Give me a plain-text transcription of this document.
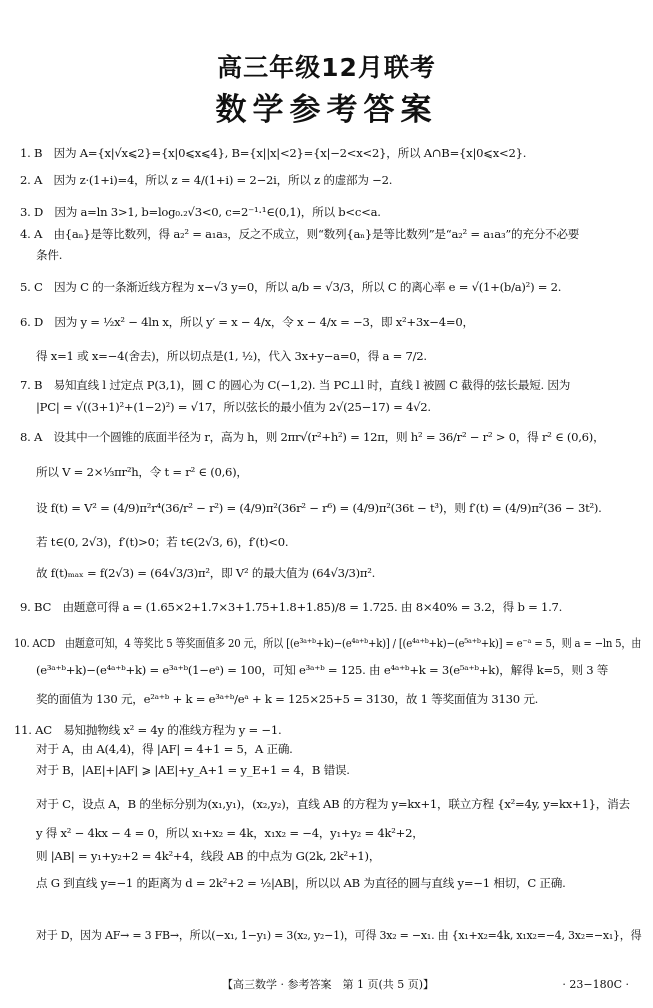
高三年级12月联考
数学参考答案
1. B　因为 A={x|√x⩽2}={x|0⩽x⩽4}, B={x||x|<2}={x|−2<x<2}，所以 A∩B={x|0⩽x<2}.
2. A　因为 z·(1+i)=4，所以 z = 4/(1+i) = 2−2i，所以 z 的虚部为 −2.
3. D　因为 a=ln 3>1, b=log₀.₂√3<0, c=2⁻¹·¹∈(0,1)，所以 b<c<a.
4. A　由{aₙ}是等比数列，得 a₂² = a₁a₃，反之不成立，则“数列{aₙ}是等比数列”是“a₂² = a₁a₃”的充分不必要
条件.
5. C　因为 C 的一条渐近线方程为 x−√3 y=0，所以 a/b = √3/3，所以 C 的离心率 e = √(1+(b/a)²) = 2.
6. D　因为 y = ½x² − 4ln x，所以 y′ = x − 4/x，令 x − 4/x = −3，即 x²+3x−4=0，
得 x=1 或 x=−4(舍去)，所以切点是(1, ½)，代入 3x+y−a=0，得 a = 7/2.
7. B　易知直线 l 过定点 P(3,1)，圆 C 的圆心为 C(−1,2). 当 PC⊥l 时，直线 l 被圆 C 截得的弦长最短. 因为
|PC| = √((3+1)²+(1−2)²) = √17，所以弦长的最小值为 2√(25−17) = 4√2.
8. A　设其中一个圆锥的底面半径为 r，高为 h，则 2πr√(r²+h²) = 12π，则 h² = 36/r² − r² > 0，得 r² ∈ (0,6)，
所以 V = 2×⅓πr²h，令 t = r² ∈ (0,6)，
设 f(t) = V² = (4/9)π²r⁴(36/r² − r²) = (4/9)π²(36r² − r⁶) = (4/9)π²(36t − t³)，则 f′(t) = (4/9)π²(36 − 3t²).
若 t∈(0, 2√3)，f′(t)>0；若 t∈(2√3, 6)，f′(t)<0.
故 f(t)ₘₐₓ = f(2√3) = (64√3/3)π²，即 V² 的最大值为 (64√3/3)π².
9. BC　由题意可得 a = (1.65×2+1.7×3+1.75+1.8+1.85)/8 = 1.725. 由 8×40% = 3.2，得 b = 1.7.
10. ACD　由题意可知，4 等奖比 5 等奖面值多 20 元，所以 [(e³ᵃ⁺ᵇ+k)−(e⁴ᵃ⁺ᵇ+k)] / [(e⁴ᵃ⁺ᵇ+k)−(e⁵ᵃ⁺ᵇ+k)] = e⁻ᵃ = 5，则 a = −ln 5，由
(e³ᵃ⁺ᵇ+k)−(e⁴ᵃ⁺ᵇ+k) = e³ᵃ⁺ᵇ(1−eᵃ) = 100，可知 e³ᵃ⁺ᵇ = 125. 由 e⁴ᵃ⁺ᵇ+k = 3(e⁵ᵃ⁺ᵇ+k)，解得 k=5，则 3 等
奖的面值为 130 元，e²ᵃ⁺ᵇ + k = e³ᵃ⁺ᵇ/eᵃ + k = 125×25+5 = 3130，故 1 等奖面值为 3130 元.
11. AC　易知抛物线 x² = 4y 的准线方程为 y = −1.
对于 A，由 A(4,4)，得 |AF| = 4+1 = 5，A 正确.
对于 B，|AE|+|AF| ⩾ |AE|+y_A+1 = y_E+1 = 4，B 错误.
对于 C，设点 A，B 的坐标分别为(x₁,y₁)，(x₂,y₂)，直线 AB 的方程为 y=kx+1，联立方程 {x²=4y, y=kx+1}，消去
y 得 x² − 4kx − 4 = 0，所以 x₁+x₂ = 4k，x₁x₂ = −4，y₁+y₂ = 4k²+2，
则 |AB| = y₁+y₂+2 = 4k²+4，线段 AB 的中点为 G(2k, 2k²+1)，
点 G 到直线 y=−1 的距离为 d = 2k²+2 = ½|AB|，所以以 AB 为直径的圆与直线 y=−1 相切，C 正确.
对于 D，因为 AF→ = 3 FB→，所以(−x₁, 1−y₁) = 3(x₂, y₂−1)，可得 3x₂ = −x₁. 由 {x₁+x₂=4k, x₁x₂=−4, 3x₂=−x₁}，得
【高三数学 · 参考答案　第 1 页(共 5 页)】	· 23−180C ·
